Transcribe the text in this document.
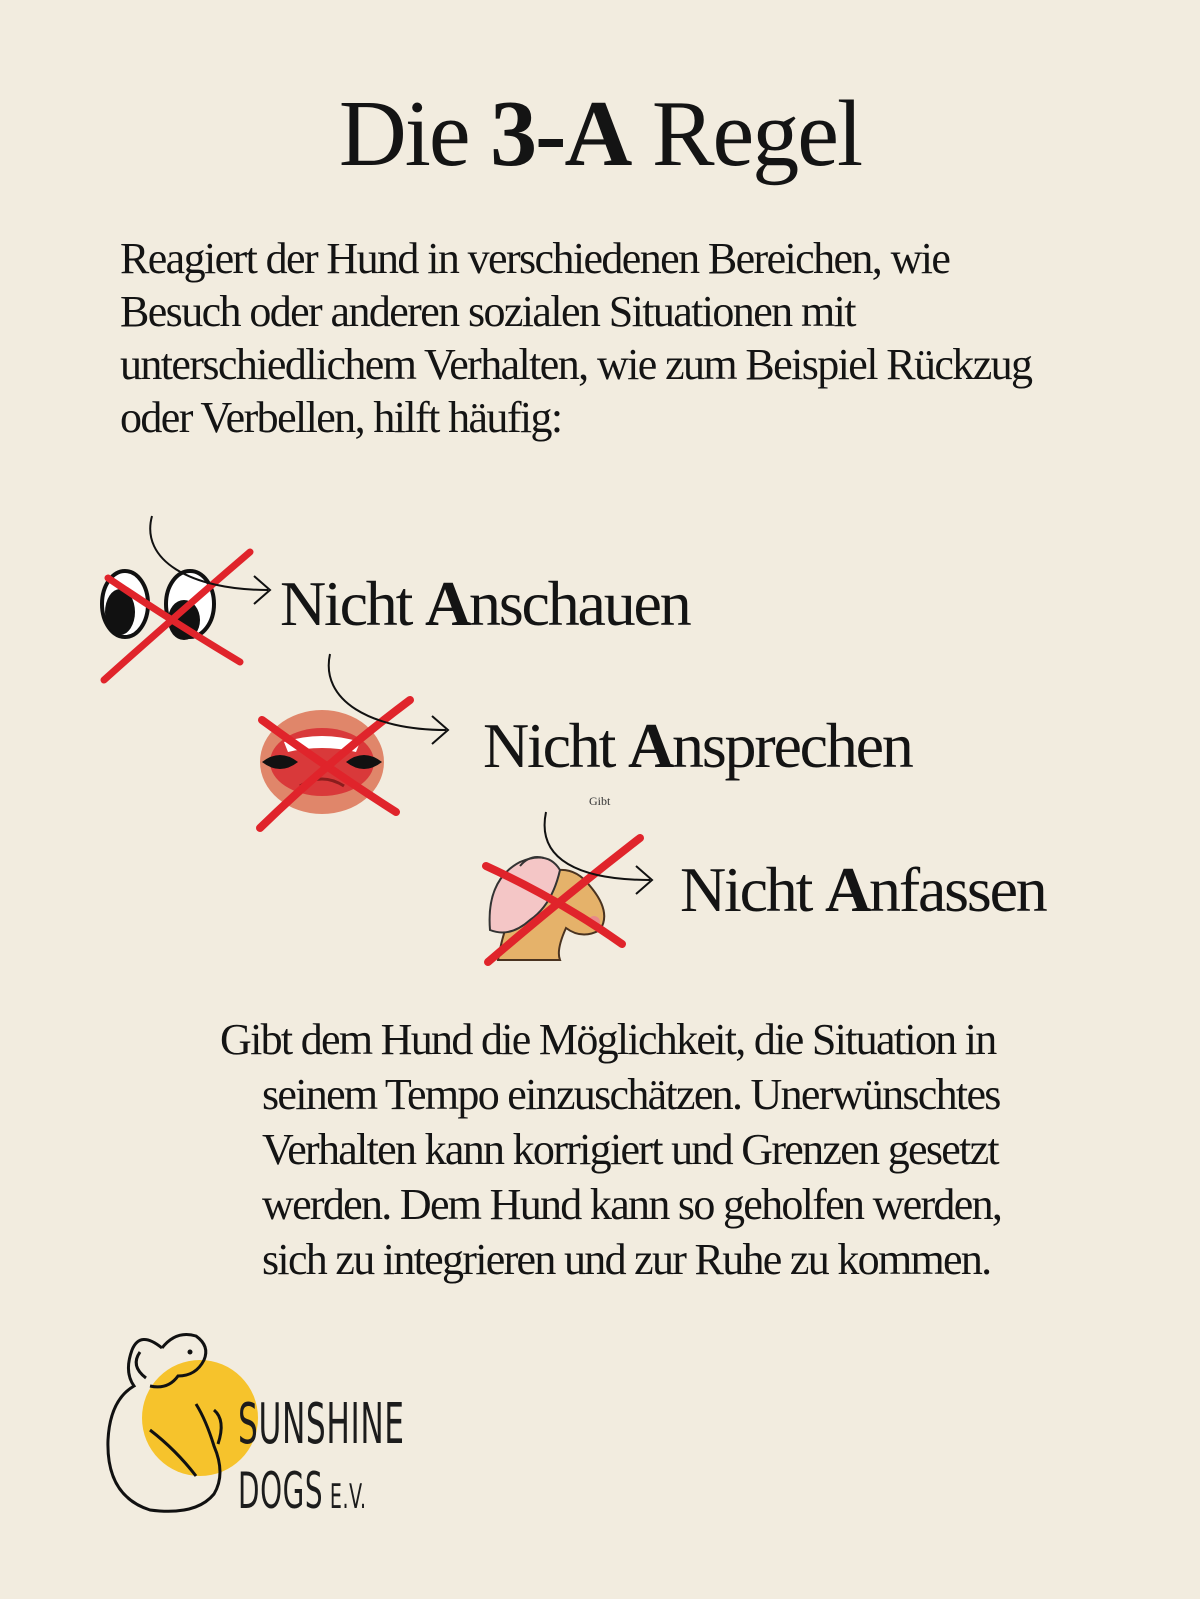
Die 3-A Regel

Reagiert der Hund in verschiedenen Bereichen, wie Besuch oder anderen sozialen Situationen mit unterschiedlichem Verhalten, wie zum Beispiel Rückzug oder Verbellen, hilft häufig:

Nicht Anschauen
Nicht Ansprechen
Nicht Anfassen
Gibt

Gibt dem Hund die Möglichkeit, die Situation in
seinem Tempo einzuschätzen. Unerwünschtes
Verhalten kann korrigiert und Grenzen gesetzt
werden. Dem Hund kann so geholfen werden,
sich zu integrieren und zur Ruhe zu kommen.

SUNSHINE
DOGS E.V.
